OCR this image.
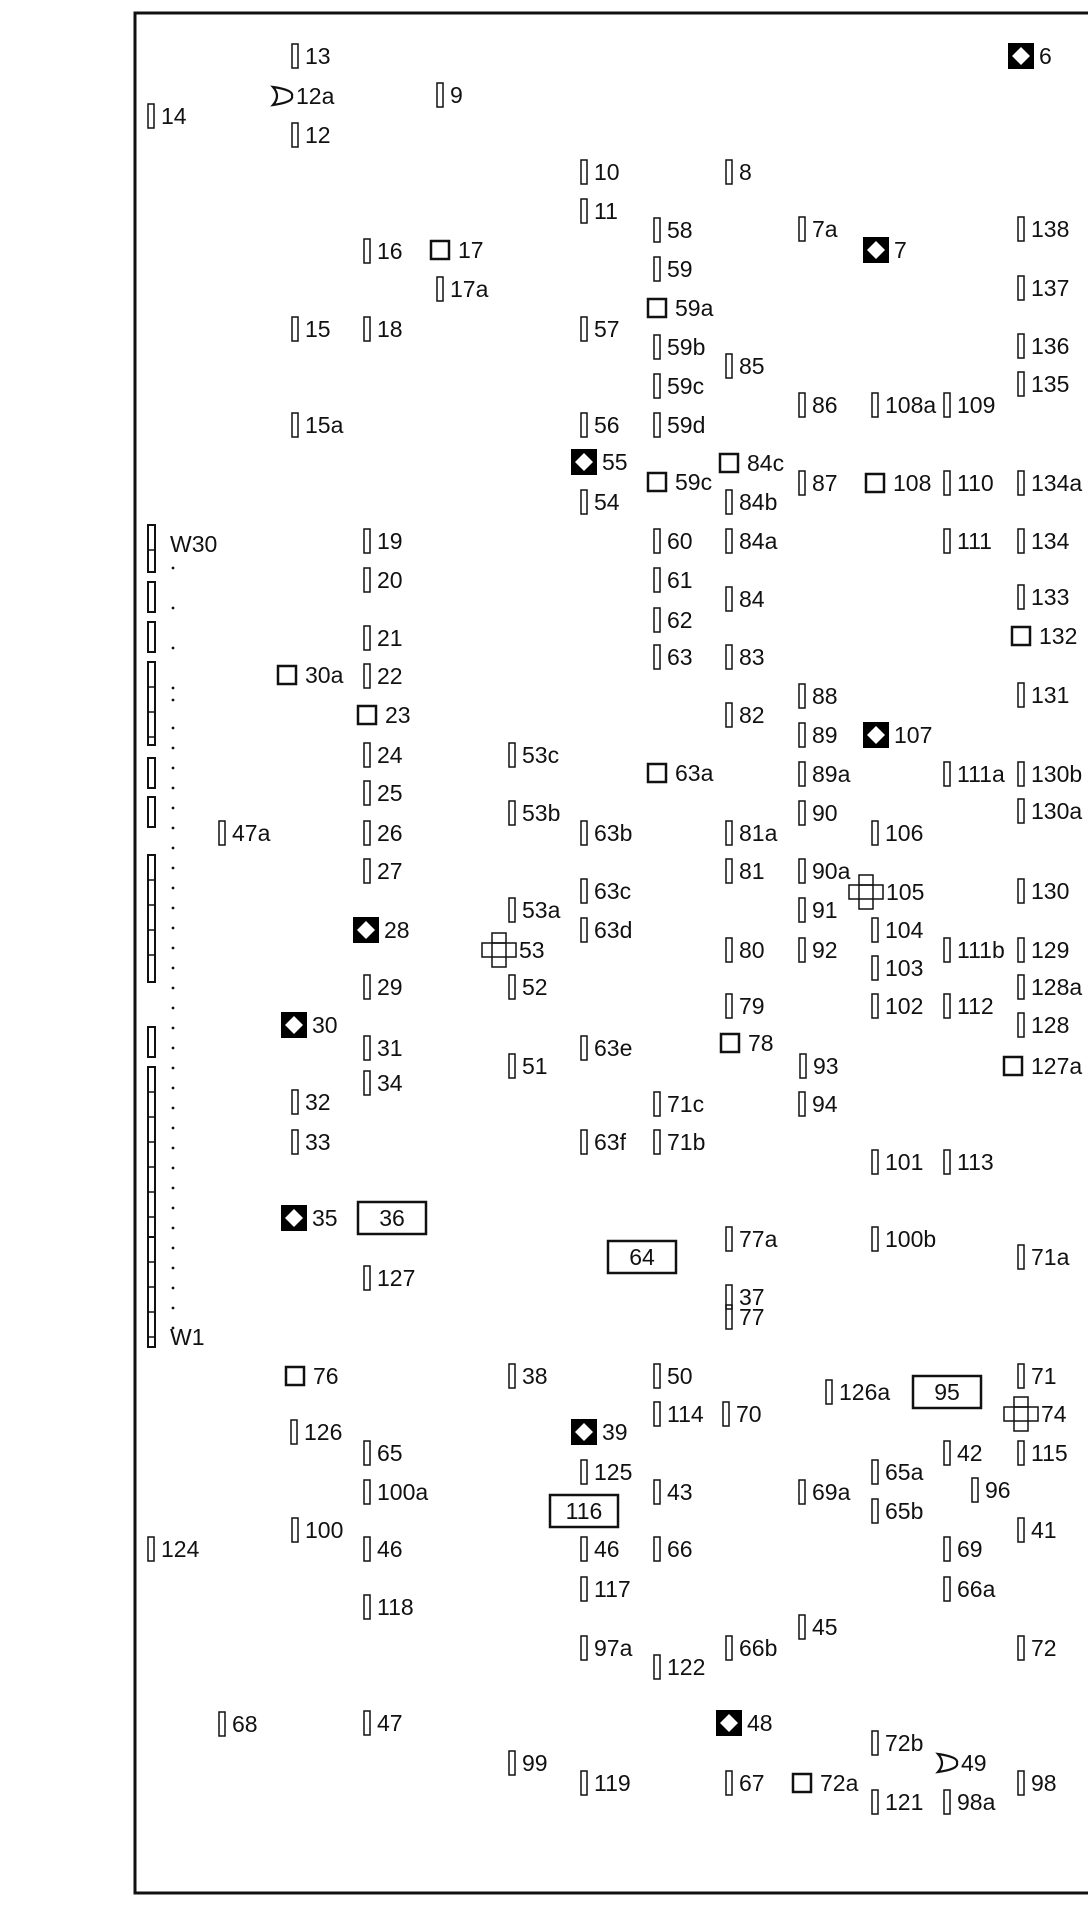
W30
W1
13
12a
12
9
14
6
10
11
8
58	7a
7
138
16 17
17a
59
137
59a
15 18	57
59b	136
85
59c	135
86 108a 109
15a	56 59d
55	84c
59c	87 108 110 134a
54	84b
19	60 84a	111 134
20	61
84	133
62
21	132
63 83
30a 22
88	131
23	82
89 107
24	53c
63a	89a	111a 130b
25
53b	90	130a
47a	26	63b	81a	106
27	81 90a
63c	105	130
53a	91
28	63d	104
53	80 92	111b 129
103
29	52	128a
79	102 112
30	128
31	63e	78
51	93	127a
34
32	71c	94
33	63f 71b
101 113
35 36
77a	100b
64	71a
127
37
77
76	38	50	71
126a 95
114 70	74
126	39
65	42 115
125	65a
100a	43	69a	96
116	65b
100	41
124	46	46 66	69
117	66a
118
45
97a	66b	72
122
68	47	48
72b
99	49
119	67 72a	98
121 98a
